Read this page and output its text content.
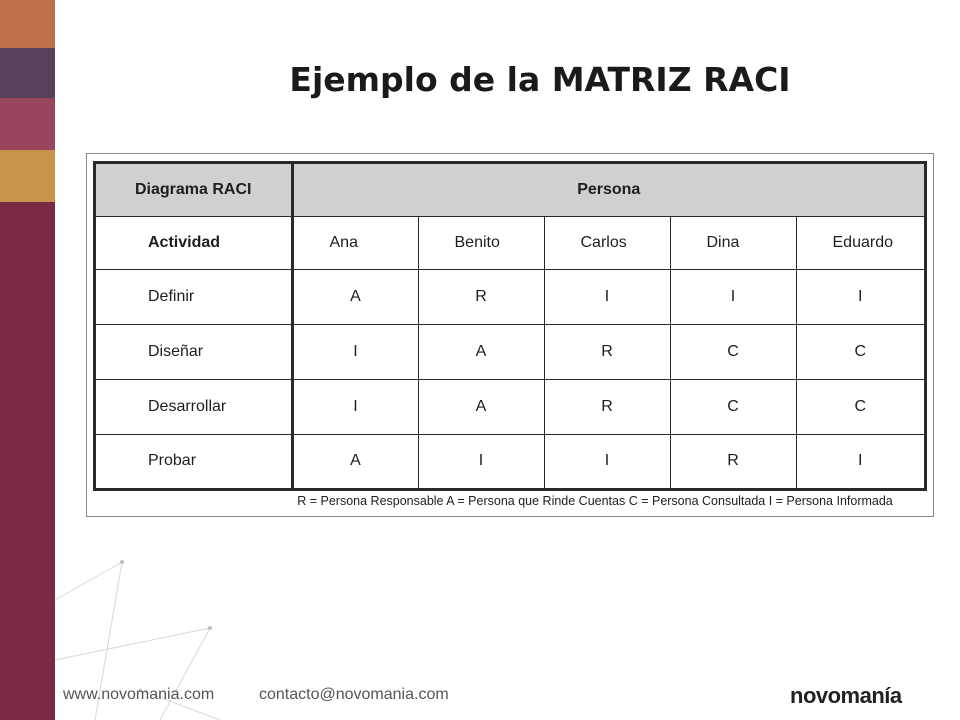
Ejemplo de la MATRIZ RACI
Diagrama RACI	Persona				
Actividad	Ana	Benito	Carlos	Dina	Eduardo
Definir	A	R	I	I	I
Diseñar	I	A	R	C	C
Desarrollar	I	A	R	C	C
Probar	A	I	I	R	I
R = Persona Responsable A = Persona que Rinde Cuentas C = Persona Consultada I = Persona Informada
www.novomania.com	contacto@novomania.com	novomanía
